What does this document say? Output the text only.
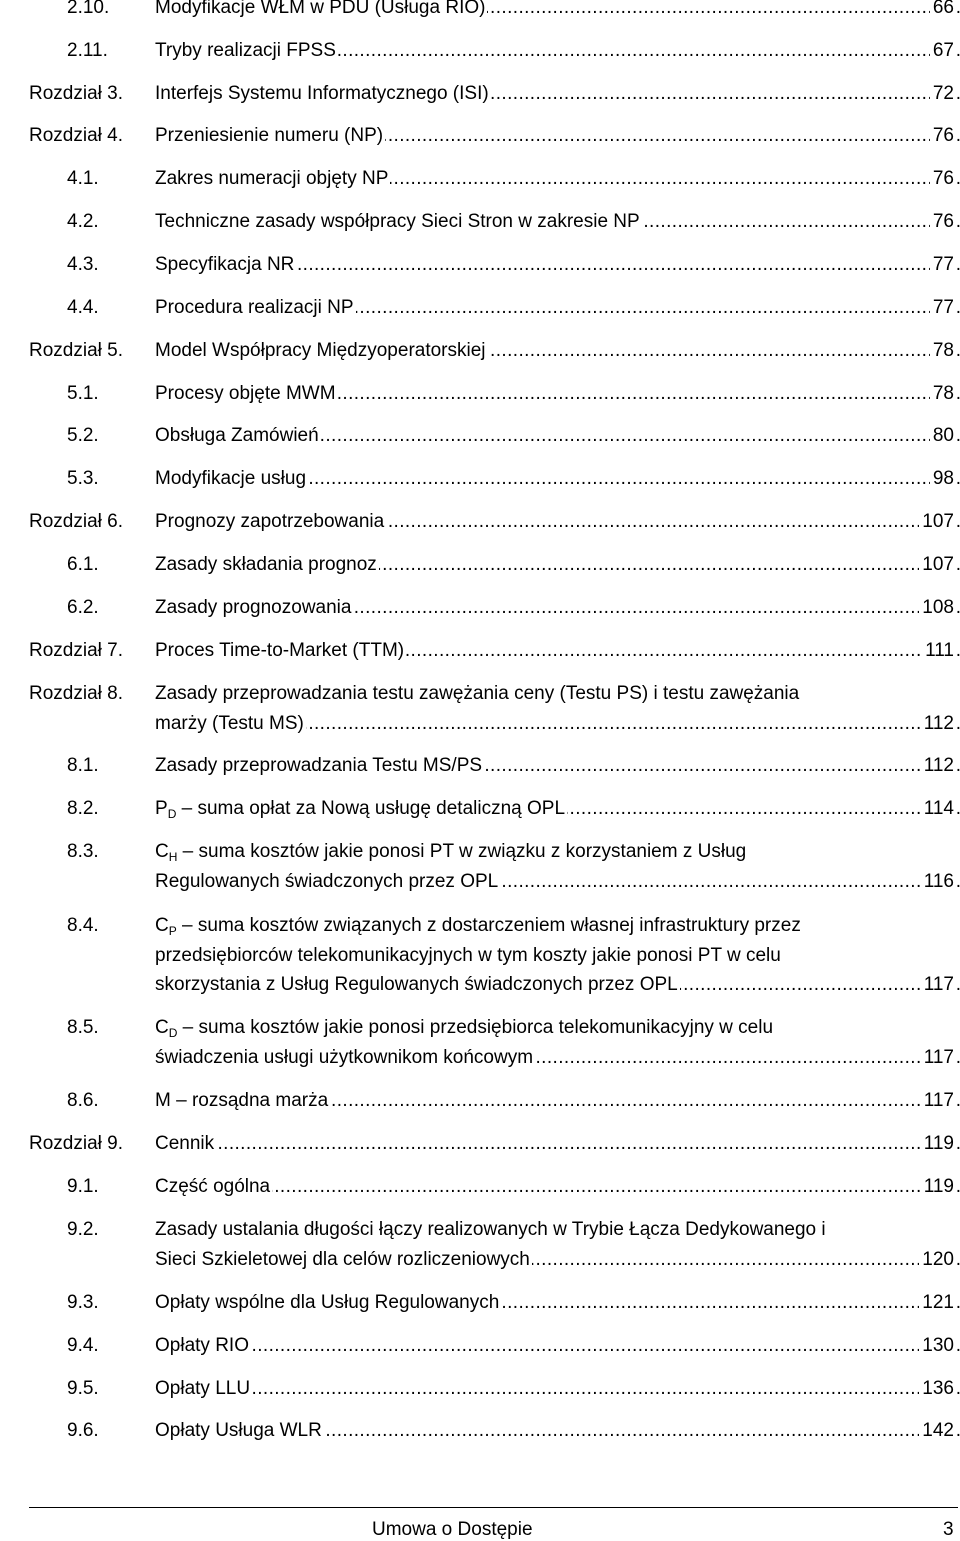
2.10. ..... Modyfikacje WŁM w PDU (Usługa RIO)	66
2.11. ..... Tryby realizacji FPSS	67
Rozdział 3. ..... Interfejs Systemu Informatycznego (ISI)	72
Rozdział 4. ..... Przeniesienie numeru (NP)	76
4.1.	..... Zakres numeracji objęty NP	76
4.2.	..... Techniczne zasady współpracy Sieci Stron w zakresie NP	76
4.3.	..... Specyfikacja NR	77
4.4.	..... Procedura realizacji NP	77
Rozdział 5. ..... Model Współpracy Międzyoperatorskiej	78
5.1.	..... Procesy objęte MWM	78
5.2.	..... Obsługa Zamówień	80
5.3.	..... Modyfikacje usług	98
Rozdział 6. ..... Prognozy zapotrzebowania	107
6.1.	..... Zasady składania prognoz	107
6.2.	..... Zasady prognozowania	108
Rozdział 7. ..... Proces Time-to-Market (TTM)	111
Rozdział 8. Zasady przeprowadzania testu zawężania ceny (Testu PS) i testu zawężania
..... marży (Testu MS)	112
8.1.	..... Zasady przeprowadzania Testu MS/PS	112
8.2.	..... $P_D$ – suma opłat za Nową usługę detaliczną OPL	114
8.3.	$C_H$ – suma kosztów jakie ponosi PT w związku z korzystaniem z Usług
..... Regulowanych świadczonych przez OPL	116
8.4.	$C_P$ – suma kosztów związanych z dostarczeniem własnej infrastruktury przez
przedsiębiorców telekomunikacyjnych w tym koszty jakie ponosi PT w celu
..... skorzystania z Usług Regulowanych świadczonych przez OPL	117
8.5.	$C_D$ – suma kosztów jakie ponosi przedsiębiorca telekomunikacyjny w celu
..... świadczenia usługi użytkownikom końcowym	117
8.6.	..... M – rozsądna marża	117
Rozdział 9. ..... Cennik	119
9.1.	..... Część ogólna	119
9.2.	Zasady ustalania długości łączy realizowanych w Trybie Łącza Dedykowanego i
..... Sieci Szkieletowej dla celów rozliczeniowych	120
9.3.	..... Opłaty wspólne dla Usług Regulowanych	121
9.4.	..... Opłaty RIO	130
9.5.	..... Opłaty LLU	136
9.6.	..... Opłaty Usługa WLR	142
Umowa o Dostępie	3
